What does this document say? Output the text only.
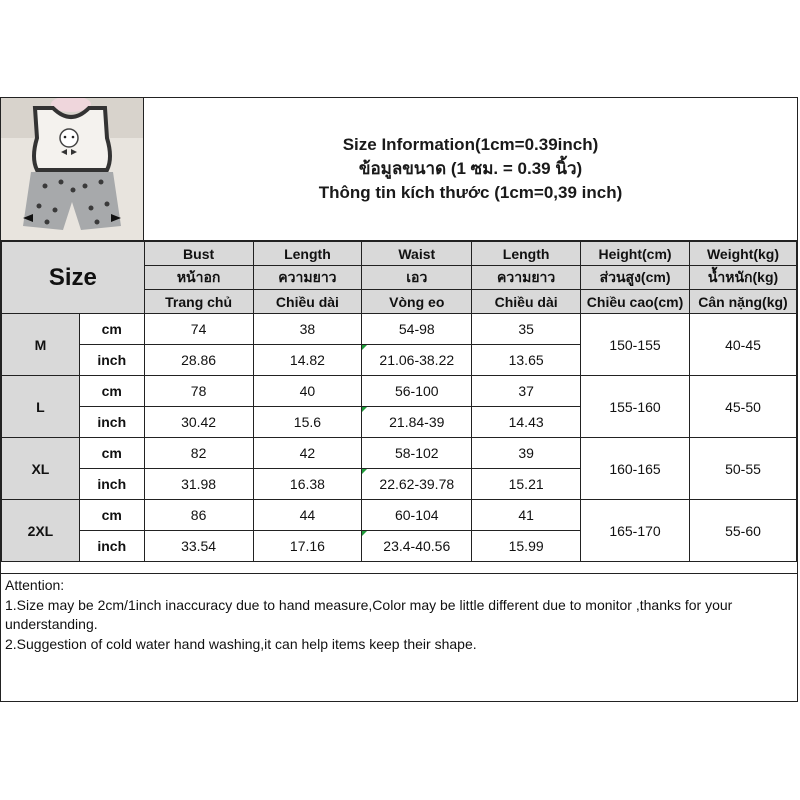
Size Information(1cm=0.39inch)
ข้อมูลขนาด (1 ซม. = 0.39 นิ้ว)
Thông tin kích thước (1cm=0,39 inch)
Size		Bust	Length	Waist	Length	Height(cm)	Weight(kg)
		หน้าอก	ความยาว	เอว	ความยาว	ส่วนสูง(cm)	น้ำหนัก(kg)
		Trang chủ	Chiều dài	Vòng eo	Chiều dài	Chiều cao(cm)	Cân nặng(kg)
M	cm	74	38	54-98	35	150-155	40-45
	inch	28.86	14.82	21.06-38.22	13.65		
L	cm	78	40	56-100	37	155-160	45-50
	inch	30.42	15.6	21.84-39	14.43		
XL	cm	82	42	58-102	39	160-165	50-55
	inch	31.98	16.38	22.62-39.78	15.21		
2XL	cm	86	44	60-104	41	165-170	55-60
	inch	33.54	17.16	23.4-40.56	15.99		
Attention:
1.Size may be 2cm/1inch inaccuracy due to hand measure,Color may be little different due to monitor ,thanks for your understanding.
2.Suggestion of cold water hand washing,it can help items keep their shape.
